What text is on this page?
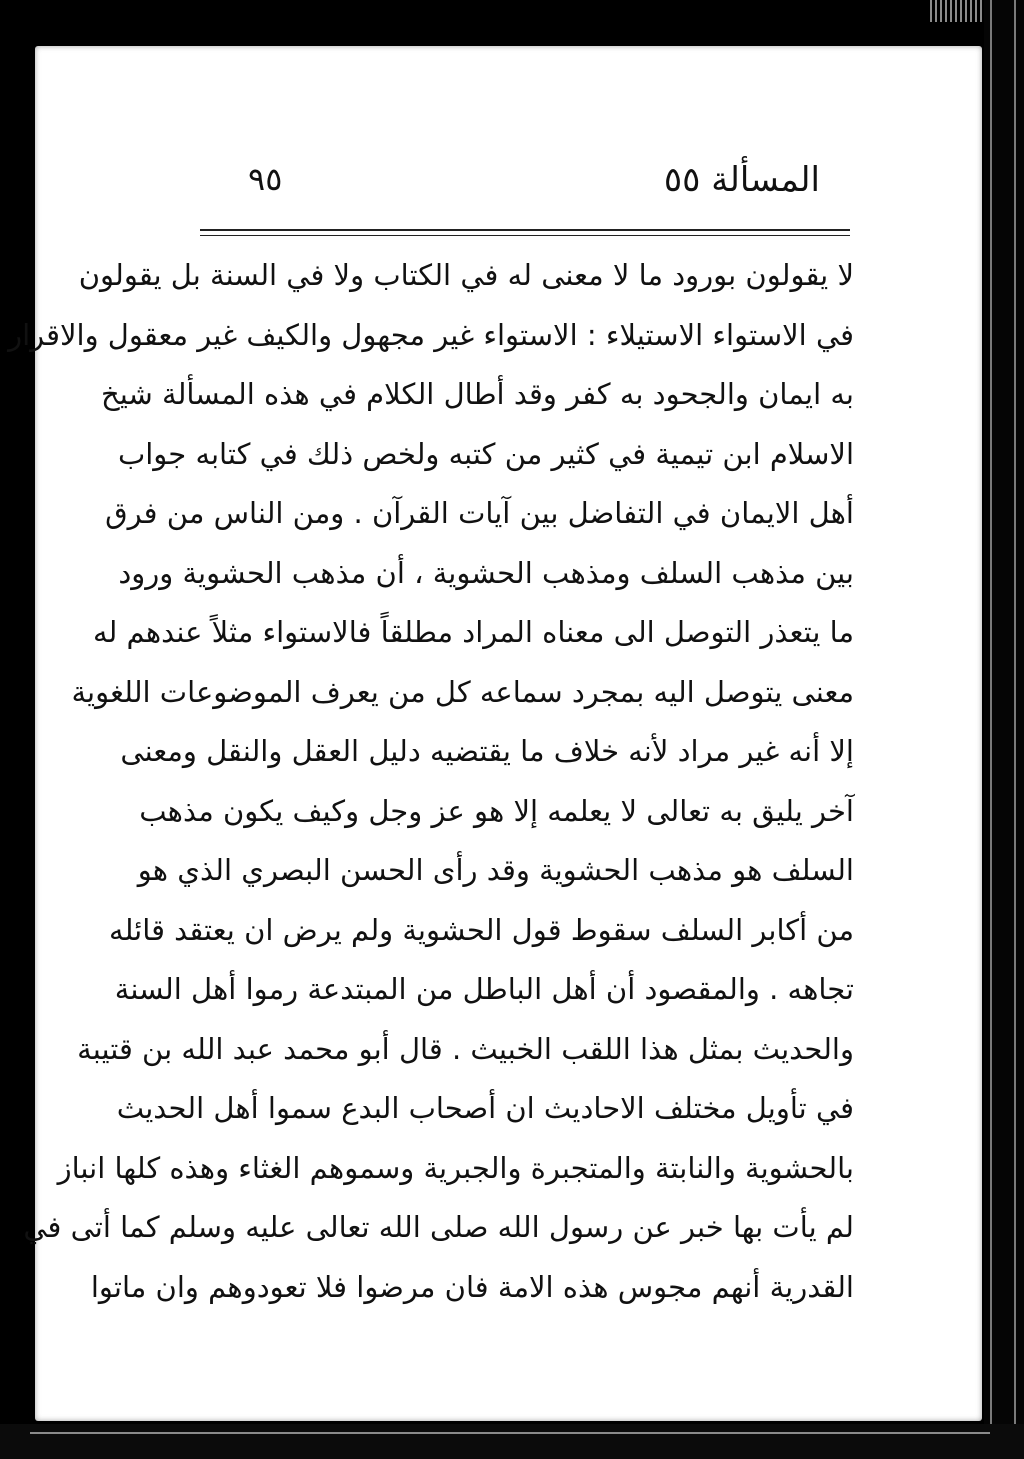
المسألة ٥٥
٩٥
لا يقولون بورود ما لا معنى له في الكتاب ولا في السنة بل يقولون
في الاستواء الاستيلاء : الاستواء غير مجهول والكيف غير معقول والاقرار
به ايمان والجحود به كفر وقد أطال الكلام في هذه المسألة شيخ
الاسلام ابن تيمية في كثير من كتبه ولخص ذلك في كتابه جواب
أهل الايمان في التفاضل بين آيات القرآن . ومن الناس من فرق
بين مذهب السلف ومذهب الحشوية ، أن مذهب الحشوية ورود
ما يتعذر التوصل الى معناه المراد مطلقاً فالاستواء مثلاً عندهم له
معنى يتوصل اليه بمجرد سماعه كل من يعرف الموضوعات اللغوية
إلا أنه غير مراد لأنه خلاف ما يقتضيه دليل العقل والنقل ومعنى
آخر يليق به تعالى لا يعلمه إلا هو عز وجل وكيف يكون مذهب
السلف هو مذهب الحشوية وقد رأى الحسن البصري الذي هو
من أكابر السلف سقوط قول الحشوية ولم يرض ان يعتقد قائله
تجاهه . والمقصود أن أهل الباطل من المبتدعة رموا أهل السنة
والحديث بمثل هذا اللقب الخبيث . قال أبو محمد عبد الله بن قتيبة
في تأويل مختلف الاحاديث ان أصحاب البدع سموا أهل الحديث
بالحشوية والنابتة والمتجبرة والجبرية وسموهم الغثاء وهذه كلها انباز
لم يأت بها خبر عن رسول الله صلى الله تعالى عليه وسلم كما أتى في
القدرية أنهم مجوس هذه الامة فان مرضوا فلا تعودوهم وان ماتوا
